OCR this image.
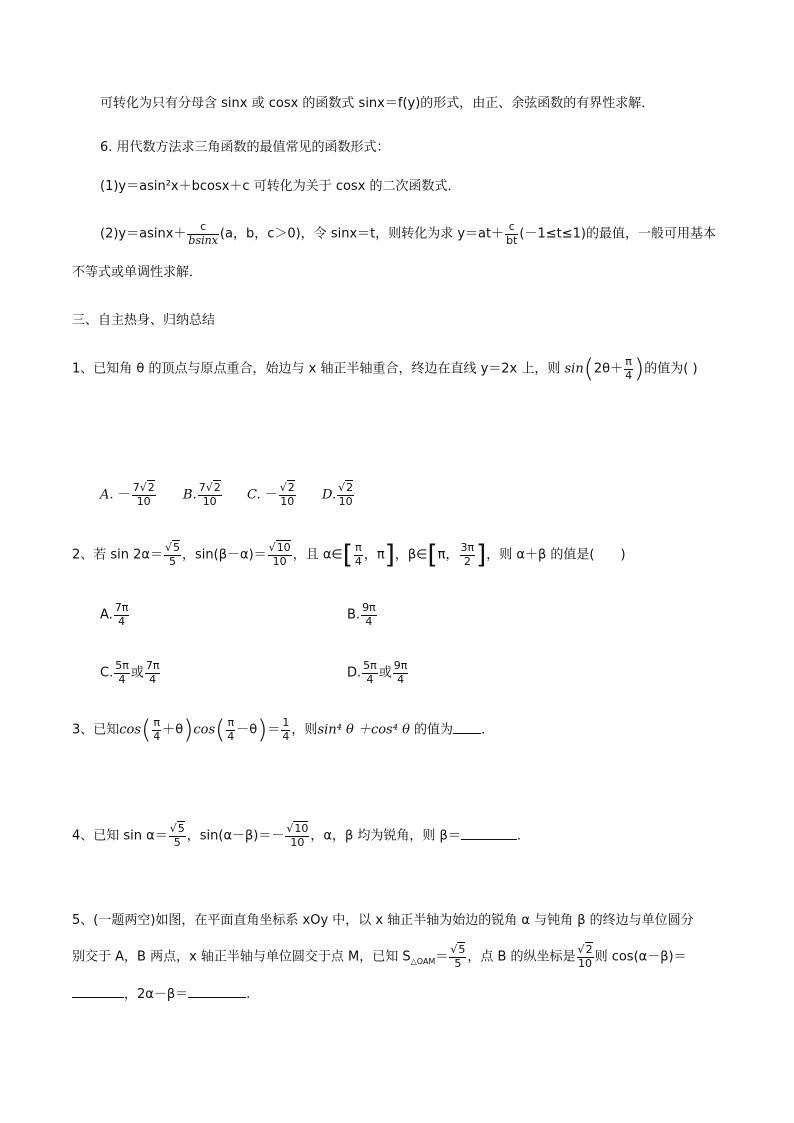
可转化为只有分母含 sinx 或 cosx 的函数式 sinx＝f(y)的形式，由正、余弦函数的有界性求解．
6. 用代数方法求三角函数的最值常见的函数形式：
(1)y＝asin²x＋bcosx＋c 可转化为关于 cosx 的二次函数式．
$(2)y=asinx+ \frac{c}{bsinx} (a$，b，c＞0)，令 sinx＝t，则转化为求 $y=at+ \frac{c}{bt} (-1\le t\le 1)$的最值，一般可用基本
不等式或单调性求解．
三、自主热身、归纳总结
1、已知角 θ 的顶点与原点重合，始边与 x 轴正半轴重合，终边在直线 y＝2x 上，则 $\sin(2\theta+ \frac{\pi}{4}$ )的值为( )
A. － $\frac{7√2}{10} B$. $\frac{7√2}{10} C$. － $\frac{√2}{10} D$. $\frac{√2}{10}$
2、若 $\sin 2\alpha= \frac{√5}{5}$ ，$\sin(\beta-\alpha)= \frac{√10}{10}$ ，且 α∈[ $\frac{\pi}{4}$ ，π]，β∈[π， $\frac{3\pi}{2}$ ]，则 α＋β 的值是(　　)
A. $\frac{7\pi}{4}$	B. $\frac{9\pi}{4}$
C. $\frac{5\pi}{4}$ 或 $\frac{7\pi}{4}$	D. $\frac{5\pi}{4}$ 或 $\frac{9\pi}{4}$
3、已知$\cos( \frac{\pi}{4} +\theta)\cos( \frac{\pi}{4} -\theta)= \frac{1}{4}$ ，则sin⁴ θ ＋cos⁴ θ 的值为 ．
4、已知 $\sin \alpha= \frac{√5}{5}$ ，$\sin(\alpha-\beta)=- \frac{√10}{10}$ ，α，β 均为锐角，则 β＝	.
5、(一题两空)如图，在平面直角坐标系 xOy 中，以 x 轴正半轴为始边的锐角 α 与钝角 β 的终边与单位圆分
别交于 A，B 两点，x 轴正半轴与单位圆交于点 M，已知 $S_{\triangle OAM}= \frac{√5}{5}$ ，点 B 的纵坐标是 $\frac{√2}{10}$ 则 cos(α－β)＝
，2α－β＝	.
